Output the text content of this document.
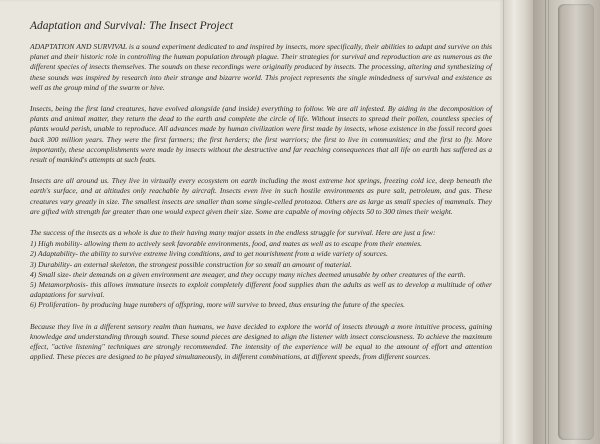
Adaptation and Survival: The Insect Project

ADAPTATION AND SURVIVAL is a sound experiment dedicated to and inspired by insects, more specifically, their abilities to adapt and survive on this planet and their historic role in controlling the human population through plague. Their strategies for survival and reproduction are as numerous as the different species of insects themselves. The sounds on these recordings were originally produced by insects. The processing, altering and synthesizing of these sounds was inspired by research into their strange and bizarre world. This project represents the single mindedness of survival and existence as well as the group mind of the swarm or hive.

Insects, being the first land creatures, have evolved alongside (and inside) everything to follow. We are all infested. By aiding in the decomposition of plants and animal matter, they return the dead to the earth and complete the circle of life. Without insects to spread their pollen, countless species of plants would perish, unable to reproduce. All advances made by human civilization were first made by insects, whose existence in the fossil record goes back 300 million years. They were the first farmers; the first herders; the first warriors; the first to live in communities; and the first to fly. More importantly, these accomplishments were made by insects without the destructive and far reaching consequences that all life on earth has suffered as a result of mankind's attempts at such feats.

Insects are all around us. They live in virtually every ecosystem on earth including the most extreme hot springs, freezing cold ice, deep beneath the earth's surface, and at altitudes only reachable by aircraft. Insects even live in such hostile environments as pure salt, petroleum, and gas. These creatures vary greatly in size. The smallest insects are smaller than some single-celled protozoa. Others are as large as small species of mammals. They are gifted with strength far greater than one would expect given their size. Some are capable of moving objects 50 to 300 times their weight.

The success of the insects as a whole is due to their having many major assets in the endless struggle for survival. Here are just a few:

1) High mobility- allowing them to actively seek favorable environments, food, and mates as well as to escape from their enemies.
2) Adaptability- the ability to survive extreme living conditions, and to get nourishment from a wide variety of sources.
3) Durability- an external skeleton, the strongest possible construction for so small an amount of material.
4) Small size- their demands on a given environment are meager, and they occupy many niches deemed unusable by other creatures of the earth.
5) Metamorphosis- this allows immature insects to exploit completely different food supplies than the adults as well as to develop a multitude of other adaptations for survival.
6) Proliferation- by producing huge numbers of offspring, more will survive to breed, thus ensuring the future of the species.

Because they live in a different sensory realm than humans, we have decided to explore the world of insects through a more intuitive process, gaining knowledge and understanding through sound. These sound pieces are designed to align the listener with insect consciousness. To achieve the maximum effect, "active listening" techniques are strongly recommended. The intensity of the experience will be equal to the amount of effort and attention applied. These pieces are designed to be played simultaneously, in different combinations, at different speeds, from different sources.
